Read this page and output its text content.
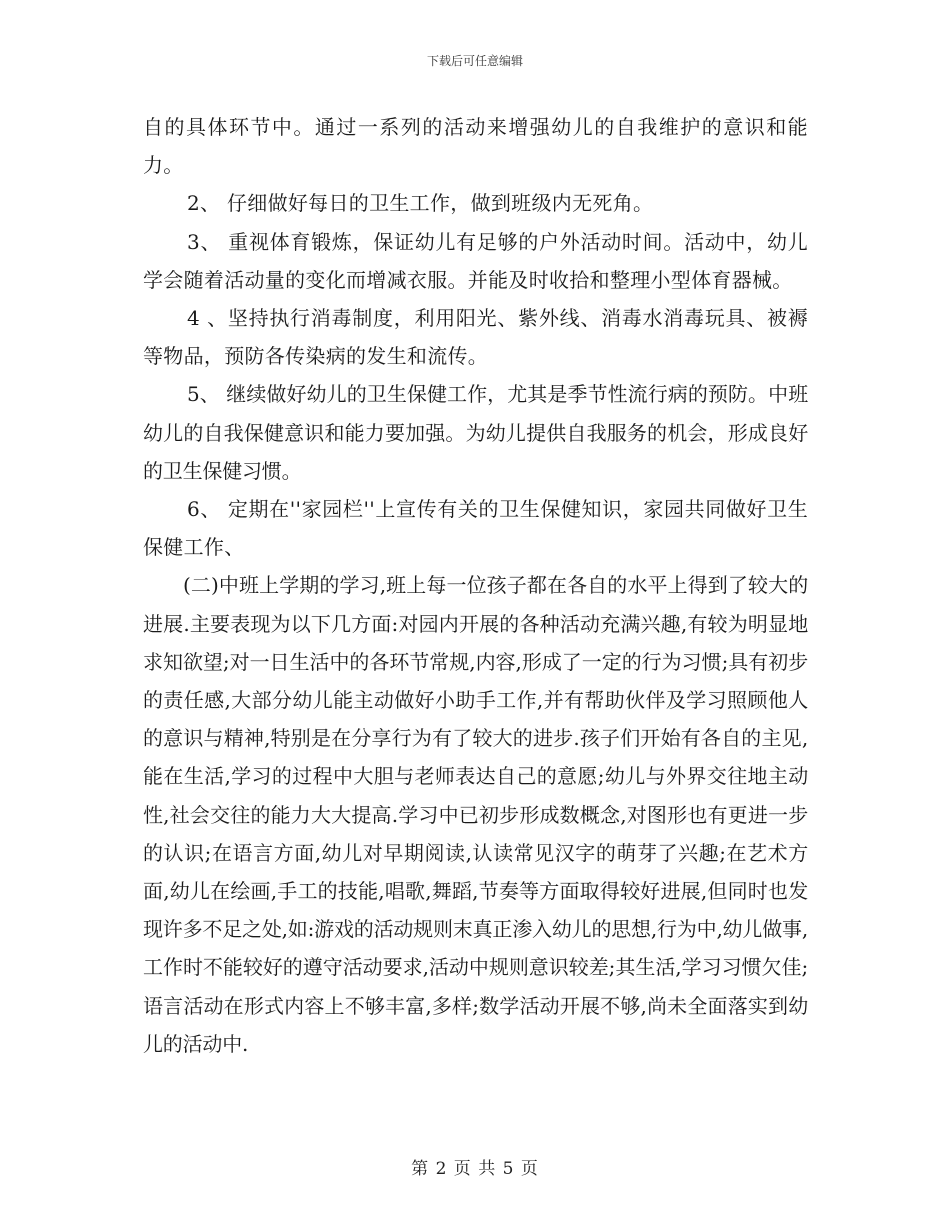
下载后可任意编辑

自的具体环节中。通过一系列的活动来增强幼儿的自我维护的意识和能力。

2、 仔细做好每日的卫生工作，做到班级内无死角。

3、 重视体育锻炼，保证幼儿有足够的户外活动时间。活动中，幼儿学会随着活动量的变化而增减衣服。并能及时收拾和整理小型体育器械。

4 、坚持执行消毒制度，利用阳光、紫外线、消毒水消毒玩具、被褥等物品，预防各传染病的发生和流传。

5、 继续做好幼儿的卫生保健工作，尤其是季节性流行病的预防。中班幼儿的自我保健意识和能力要加强。为幼儿提供自我服务的机会，形成良好的卫生保健习惯。

6、 定期在''家园栏''上宣传有关的卫生保健知识，家园共同做好卫生保健工作、

(二)中班上学期的学习,班上每一位孩子都在各自的水平上得到了较大的进展.主要表现为以下几方面:对园内开展的各种活动充满兴趣,有较为明显地求知欲望;对一日生活中的各环节常规,内容,形成了一定的行为习惯;具有初步的责任感,大部分幼儿能主动做好小助手工作,并有帮助伙伴及学习照顾他人的意识与精神,特别是在分享行为有了较大的进步.孩子们开始有各自的主见,能在生活,学习的过程中大胆与老师表达自己的意愿;幼儿与外界交往地主动性,社会交往的能力大大提高.学习中已初步形成数概念,对图形也有更进一步的认识;在语言方面,幼儿对早期阅读,认读常见汉字的萌芽了兴趣;在艺术方面,幼儿在绘画,手工的技能,唱歌,舞蹈,节奏等方面取得较好进展,但同时也发现许多不足之处,如:游戏的活动规则末真正渗入幼儿的思想,行为中,幼儿做事,工作时不能较好的遵守活动要求,活动中规则意识较差;其生活,学习习惯欠佳;语言活动在形式内容上不够丰富,多样;数学活动开展不够,尚未全面落实到幼儿的活动中.

第 2 页 共 5 页
